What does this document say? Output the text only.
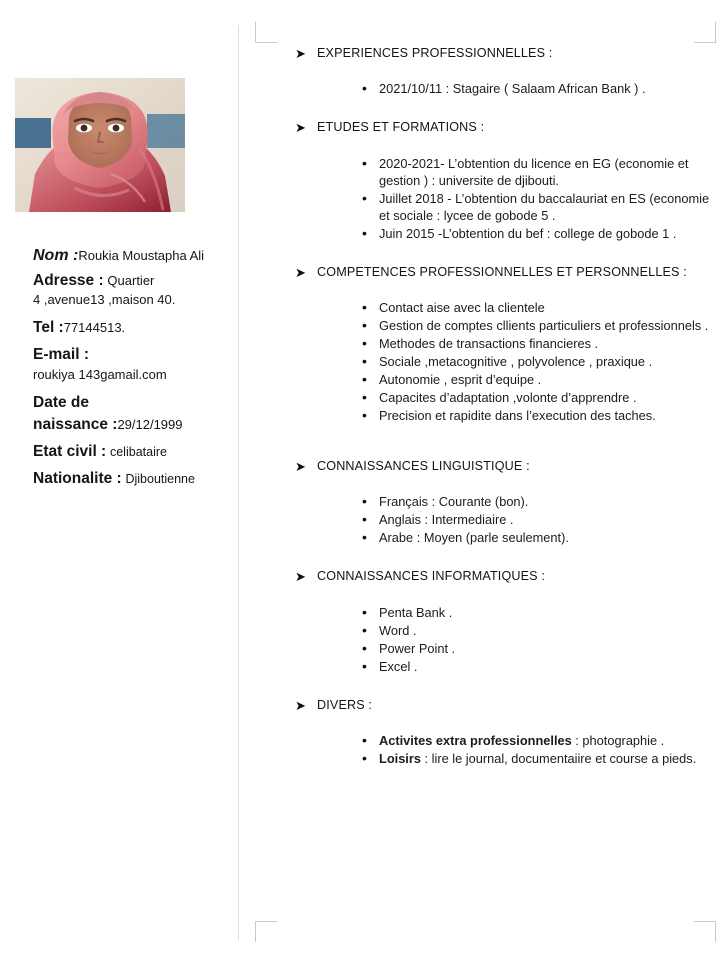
Nom :Roukia Moustapha Ali

Adresse : Quartier

4 ,avenue13 ,maison 40.

Tel :77144513.

E-mail :

roukiya 143gamail.com

Date de

naissance :29/12/1999

Etat civil : celibataire

Nationalite : Djiboutienne

➤ EXPERIENCES PROFESSIONNELLES :
• 2021/10/11 : Stagaire ( Salaam African Bank ) .
➤ ETUDES ET FORMATIONS :
• 2020-2021- L’obtention du licence en EG (economie et gestion ) : universite de djibouti.
• Juillet 2018 - L’obtention du baccalauriat en ES (economie et sociale : lycee de gobode 5 .
• Juin 2015 -L’obtention du bef : college de gobode 1 .
➤ COMPETENCES PROFESSIONNELLES ET PERSONNELLES :
• Contact aise avec la clientele
• Gestion de comptes cllients particuliers et professionnels .
• Methodes de transactions financieres .
• Sociale ,metacognitive , polyvolence , praxique .
• Autonomie , esprit d’equipe .
• Capacites d’adaptation ,volonte d’apprendre .
• Precision et rapidite dans l’execution des taches.
➤ CONNAISSANCES LINGUISTIQUE :
• Français : Courante (bon).
• Anglais : Intermediaire .
• Arabe : Moyen (parle seulement).
➤ CONNAISSANCES INFORMATIQUES :
• Penta Bank .
• Word .
• Power Point .
• Excel .
➤ DIVERS :
• Activites extra professionnelles : photographie .
• Loisirs : lire le journal, documentaiire et course a pieds.
